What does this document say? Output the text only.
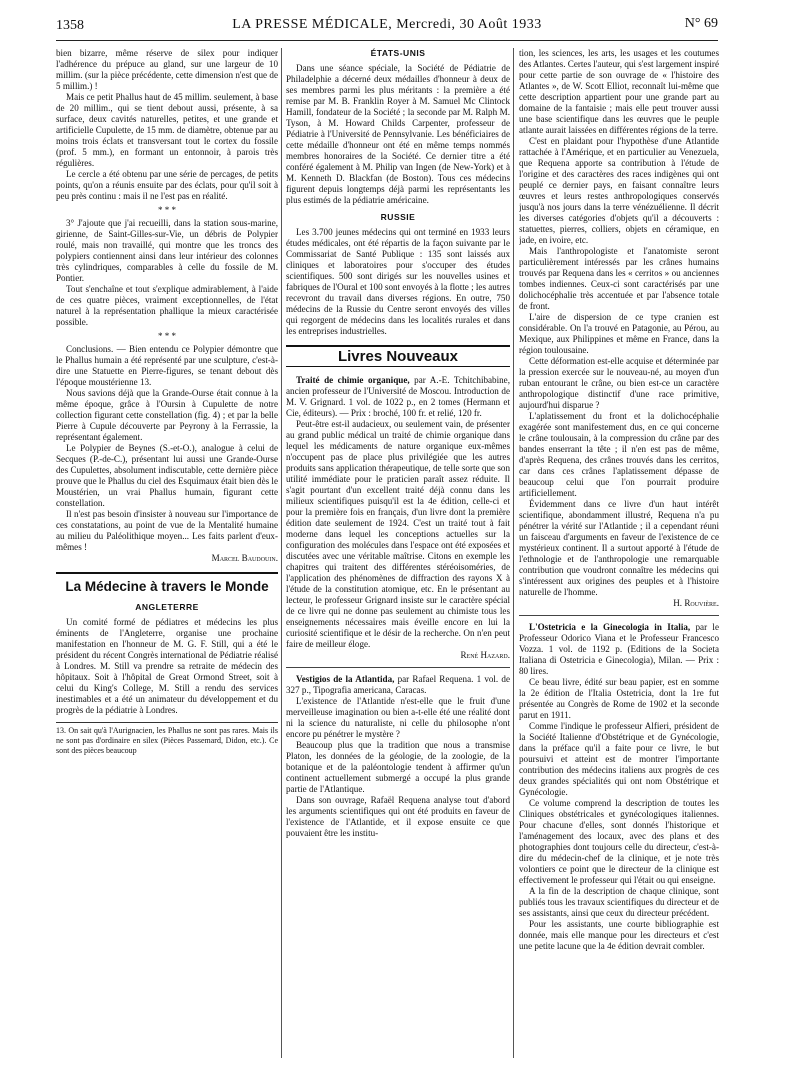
1358	LA PRESSE MÉDICALE, Mercredi, 30 Août 1933	N° 69

bien bizarre, même réserve de silex pour indiquer l'adhérence du prépuce au gland, sur une largeur de 10 millim. (sur la pièce précédente, cette dimension n'est que de 5 millim.) !

Mais ce petit Phallus haut de 45 millim. seulement, à base de 20 millim., qui se tient debout aussi, présente, à sa surface, deux cavités naturelles, petites, et une grande et artificielle Cupulette, de 15 mm. de diamètre, obtenue par au moins trois éclats et transversant tout le cortex du fossile (prof. 5 mm.), en formant un entonnoir, à parois très régulières.

Le cercle a été obtenu par une série de percages, de petits points, qu'on a réunis ensuite par des éclats, pour qu'il soit à peu près continu : mais il ne l'est pas en réalité.

* * *

3° J'ajoute que j'ai recueilli, dans la station sous-marine, girienne, de Saint-Gilles-sur-Vie, un débris de Polypier roulé, mais non travaillé, qui montre que les troncs des polypiers contiennent ainsi dans leur intérieur des colonnes très cylindriques, comparables à celle du fossile de M. Pontier.

Tout s'enchaîne et tout s'explique admirablement, à l'aide de ces quatre pièces, vraiment exceptionnelles, de l'état naturel à la représentation phallique la mieux caractérisée possible.

* * *

Conclusions. — Bien entendu ce Polypier démontre que le Phallus humain a été représenté par une sculpture, c'est-à-dire une Statuette en Pierre-figures, se tenant debout dès l'époque moustérienne 13.

Nous savions déjà que la Grande-Ourse était connue à la même époque, grâce à l'Oursin à Cupulette de notre collection figurant cette constellation (fig. 4) ; et par la belle Pierre à Cupule découverte par Peyrony à la Ferrassie, la représentant également.

Le Polypier de Beynes (S.-et-O.), analogue à celui de Secques (P.-de-C.), présentant lui aussi une Grande-Ourse des Cupulettes, absolument indiscutable, cette dernière pièce prouve que le Phallus du ciel des Esquimaux était bien dès le Moustérien, un vrai Phallus humain, figurant cette constellation.

Il n'est pas besoin d'insister à nouveau sur l'importance de ces constatations, au point de vue de la Mentalité humaine au milieu du Paléolithique moyen... Les faits parlent d'eux-mêmes !

Marcel Baudouin.
La Médecine à travers le Monde
ANGLETERRE

Un comité formé de pédiatres et médecins les plus éminents de l'Angleterre, organise une prochaine manifestation en l'honneur de M. G. F. Still, qui a été le président du récent Congrès international de Pédiatrie réalisé à Londres. M. Still va prendre sa retraite de médecin des hôpitaux. Soit à l'hôpital de Great Ormond Street, soit à celui du King's College, M. Still a rendu des services inestimables et a été un animateur du développement et du progrès de la pédiatrie à Londres.

13. On sait qu'à l'Aurignacien, les Phallus ne sont pas rares. Mais ils ne sont pas d'ordinaire en silex (Pièces Passemard, Didon, etc.). Ce sont des pièces beaucoup
ÉTATS-UNIS

Dans une séance spéciale, la Société de Pédiatrie de Philadelphie a décerné deux médailles d'honneur à deux de ses membres parmi les plus méritants : la première a été remise par M. B. Franklin Royer à M. Samuel Mc Clintock Hamill, fondateur de la Société ; la seconde par M. Ralph M. Tyson, à M. Howard Childs Carpenter, professeur de Pédiatrie à l'Université de Pennsylvanie. Les bénéficiaires de cette médaille d'honneur ont été en même temps nommés membres honoraires de la Société. Ce dernier titre a été conféré également à M. Philip van Ingen (de New-York) et à M. Kenneth D. Blackfan (de Boston). Tous ces médecins figurent depuis longtemps déjà parmi les représentants les plus estimés de la pédiatrie américaine.

RUSSIE

Les 3.700 jeunes médecins qui ont terminé en 1933 leurs études médicales, ont été répartis de la façon suivante par le Commissariat de Santé Publique : 135 sont laissés aux cliniques et laboratoires pour s'occuper des études scientifiques. 500 sont dirigés sur les nouvelles usines et fabriques de l'Oural et 100 sont envoyés à la flotte ; les autres recevront du travail dans diverses régions. En outre, 750 médecins de la Russie du Centre seront envoyés des villes qui regorgent de médecins dans les localités rurales et dans les entreprises industrielles.

Livres Nouveaux

Traité de chimie organique, par A.-E. Tchitchibabine, ancien professeur de l'Université de Moscou. Introduction de M. V. Grignard. 1 vol. de 1022 p., en 2 tomes (Hermann et Cie, éditeurs). — Prix : broché, 100 fr. et relié, 120 fr.

Peut-être est-il audacieux, ou seulement vain, de présenter au grand public médical un traité de chimie organique dans lequel les médicaments de nature organique eux-mêmes n'occupent pas de place plus privilégiée que les autres produits sans application thérapeutique, de telle sorte que son utilité immédiate pour le praticien paraît assez réduite. Il s'agit pourtant d'un excellent traité déjà connu dans les milieux scientifiques puisqu'il est la 4e édition, celle-ci et pour la première fois en français, d'un livre dont la première édition date seulement de 1924. C'est un traité tout à fait moderne dans lequel les conceptions actuelles sur la configuration des molécules dans l'espace ont été exposées et discutées avec une véritable maîtrise. Citons en exemple les chapitres qui traitent des différentes stéréoisoméries, de l'application des phénomènes de diffraction des rayons X à l'étude de la constitution atomique, etc. En le présentant au lecteur, le professeur Grignard insiste sur le caractère spécial de ce livre qui ne donne pas seulement au chimiste tous les enseignements nécessaires mais éveille encore en lui la curiosité scientifique et le désir de la recherche. On n'en peut faire de meilleur éloge.

René Hazard.

Vestigios de la Atlantida, par Rafael Requena. 1 vol. de 327 p., Tipografia americana, Caracas.

L'existence de l'Atlantide n'est-elle que le fruit d'une merveilleuse imagination ou bien a-t-elle été une réalité dont ni la science du naturaliste, ni celle du philosophe n'ont encore pu pénétrer le mystère ?

Beaucoup plus que la tradition que nous a transmise Platon, les données de la géologie, de la zoologie, de la botanique et de la paléontologie tendent à affirmer qu'un continent actuellement submergé a occupé la plus grande partie de l'Atlantique.

Dans son ouvrage, Rafaël Requena analyse tout d'abord les arguments scientifiques qui ont été produits en faveur de l'existence de l'Atlantide, et il expose ensuite ce que pouvaient être les institu-

tion, les sciences, les arts, les usages et les coutumes des Atlantes. Certes l'auteur, qui s'est largement inspiré pour cette partie de son ouvrage de « l'histoire des Atlantes », de W. Scott Elliot, reconnaît lui-même que cette description appartient pour une grande part au domaine de la fantaisie ; mais elle peut trouver aussi une base scientifique dans les œuvres que le peuple atlante aurait laissées en différentes régions de la terre.

C'est en plaidant pour l'hypothèse d'une Atlantide rattachée à l'Amérique, et en particulier au Venezuela, que Requena apporte sa contribution à l'étude de l'origine et des caractères des races indigènes qui ont peuplé ce dernier pays, en faisant connaître leurs œuvres et leurs restes anthropologiques conservés jusqu'à nos jours dans la terre vénézuélienne. Il décrit les diverses catégories d'objets qu'il a découverts : statuettes, pierres, colliers, objets en céramique, en jade, en ivoire, etc.

Mais l'anthropologiste et l'anatomiste seront particulièrement intéressés par les crânes humains trouvés par Requena dans les « cerritos » ou anciennes tombes indiennes. Ceux-ci sont caractérisés par une dolichocéphalie très accentuée et par l'absence totale de front.

L'aire de dispersion de ce type cranien est considérable. On l'a trouvé en Patagonie, au Pérou, au Mexique, aux Philippines et même en France, dans la région toulousaine.

Cette déformation est-elle acquise et déterminée par la pression exercée sur le nouveau-né, au moyen d'un ruban entourant le crâne, ou bien est-ce un caractère anthropologique distinctif d'une race primitive, aujourd'hui disparue ?

L'aplatissement du front et la dolichocéphalie exagérée sont manifestement dus, en ce qui concerne le crâne toulousain, à la compression du crâne par des bandes enserrant la tête ; il n'en est pas de même, d'après Requena, des crânes trouvés dans les cerritos, car dans ces crânes l'aplatissement dépasse de beaucoup celui que l'on pourrait produire artificiellement.

Évidemment dans ce livre d'un haut intérêt scientifique, abondamment illustré, Requena n'a pu pénétrer la vérité sur l'Atlantide ; il a cependant réuni un faisceau d'arguments en faveur de l'existence de ce mystérieux continent. Il a surtout apporté à l'étude de l'ethnologie et de l'anthropologie une remarquable contribution que voudront connaître les médecins qui s'intéressent aux origines des peuples et à l'histoire naturelle de l'homme.

H. Rouvière.

L'Ostetricia e la Ginecologia in Italia, par le Professeur Odorico Viana et le Professeur Francesco Vozza. 1 vol. de 1192 p. (Editions de la Societa Italiana di Ostetricia e Ginecologia), Milan. — Prix : 80 lires.

Ce beau livre, édité sur beau papier, est en somme la 2e édition de l'Italia Ostetricia, dont la 1re fut présentée au Congrès de Rome de 1902 et la seconde parut en 1911.

Comme l'indique le professeur Alfieri, président de la Société Italienne d'Obstétrique et de Gynécologie, dans la préface qu'il a faite pour ce livre, le but poursuivi et atteint est de montrer l'importante contribution des médecins italiens aux progrès de ces deux grandes spécialités qui ont nom Obstétrique et Gynécologie.

Ce volume comprend la description de toutes les Cliniques obstétricales et gynécologiques italiennes. Pour chacune d'elles, sont donnés l'historique et l'aménagement des locaux, avec des plans et des photographies dont toujours celle du directeur, c'est-à-dire du médecin-chef de la clinique, et je note très volontiers ce point que le directeur de la clinique est effectivement le professeur qui l'était ou qui enseigne.

A la fin de la description de chaque clinique, sont publiés tous les travaux scientifiques du directeur et de ses assistants, ainsi que ceux du directeur précédent.

Pour les assistants, une courte bibliographie est donnée, mais elle manque pour les directeurs et c'est une petite lacune que la 4e édition devrait combler.
